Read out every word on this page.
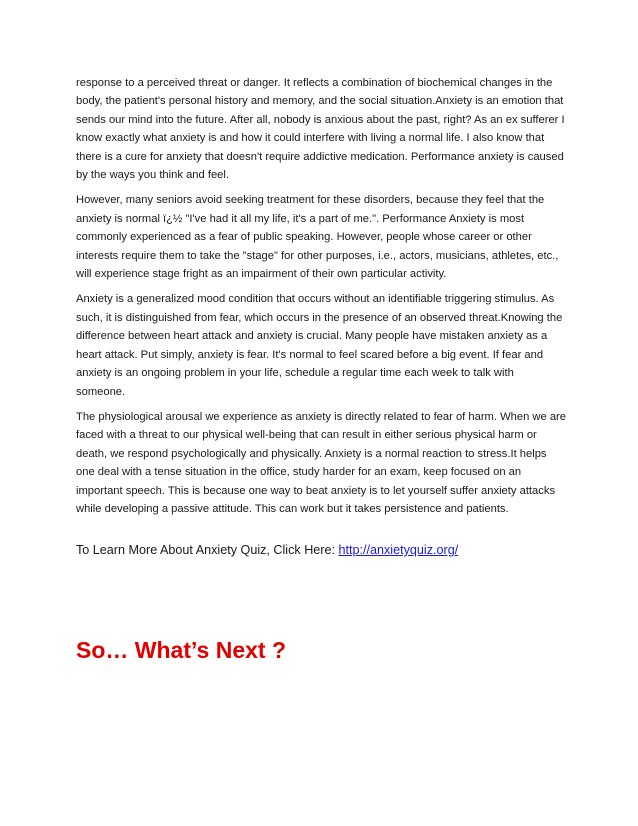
response to a perceived threat or danger. It reflects a combination of biochemical changes in the body, the patient's personal history and memory, and the social situation.Anxiety is an emotion that sends our mind into the future. After all, nobody is anxious about the past, right? As an ex sufferer I know exactly what anxiety is and how it could interfere with living a normal life. I also know that there is a cure for anxiety that doesn't require addictive medication. Performance anxiety is caused by the ways you think and feel.

However, many seniors avoid seeking treatment for these disorders, because they feel that the anxiety is normal ï¿½ "I've had it all my life, it's a part of me.". Performance Anxiety is most commonly experienced as a fear of public speaking. However, people whose career or other interests require them to take the "stage" for other purposes, i.e., actors, musicians, athletes, etc., will experience stage fright as an impairment of their own particular activity.

Anxiety is a generalized mood condition that occurs without an identifiable triggering stimulus. As such, it is distinguished from fear, which occurs in the presence of an observed threat.Knowing the difference between heart attack and anxiety is crucial. Many people have mistaken anxiety as a heart attack. Put simply, anxiety is fear. It's normal to feel scared before a big event. If fear and anxiety is an ongoing problem in your life, schedule a regular time each week to talk with someone.

The physiological arousal we experience as anxiety is directly related to fear of harm. When we are faced with a threat to our physical well-being that can result in either serious physical harm or death, we respond psychologically and physically. Anxiety is a normal reaction to stress.It helps one deal with a tense situation in the office, study harder for an exam, keep focused on an important speech. This is because one way to beat anxiety is to let yourself suffer anxiety attacks while developing a passive attitude. This can work but it takes persistence and patients.

So… What’s Next ?
To Learn More About Anxiety Quiz, Click Here: http://anxietyquiz.org/
